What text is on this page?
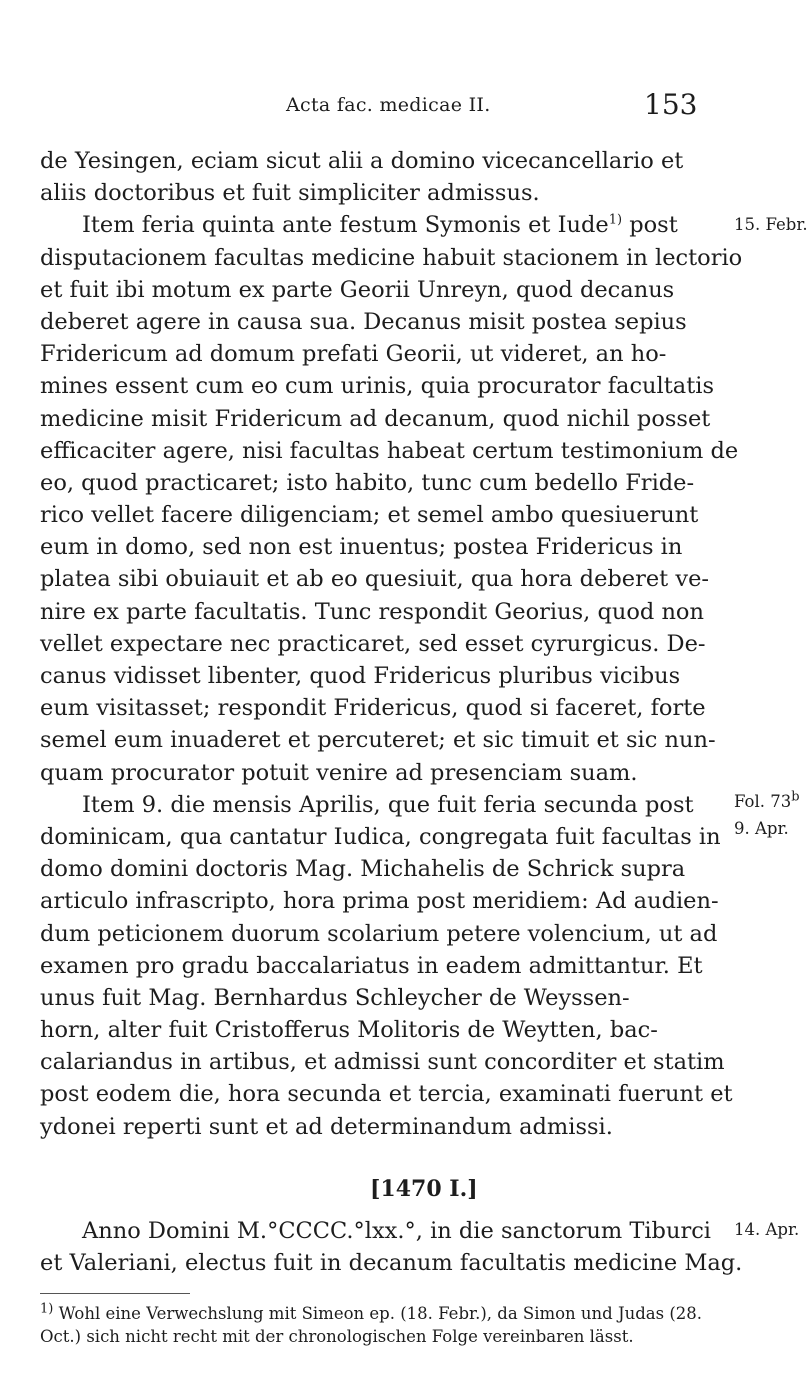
Acta fac. medicae II.	153
de Yesingen, eciam sicut alii a domino vicecancellario et
aliis doctoribus et fuit simpliciter admissus.
Item feria quinta ante festum Symonis et Iude$^{1)}$ post
disputacionem facultas medicine habuit stacionem in lectorio
et fuit ibi motum ex parte Georii Unreyn, quod decanus
deberet agere in causa sua. Decanus misit postea sepius
Fridericum ad domum prefati Georii, ut videret, an ho-
mines essent cum eo cum urinis, quia procurator facultatis
medicine misit Fridericum ad decanum, quod nichil posset
efficaciter agere, nisi facultas habeat certum testimonium de
eo, quod practicaret; isto habito, tunc cum bedello Fride-
rico vellet facere diligenciam; et semel ambo quesiuerunt
eum in domo, sed non est inuentus; postea Fridericus in
platea sibi obuiauit et ab eo quesiuit, qua hora deberet ve-
nire ex parte facultatis. Tunc respondit Georius, quod non
vellet expectare nec practicaret, sed esset cyrurgicus. De-
canus vidisset libenter, quod Fridericus pluribus vicibus
eum visitasset; respondit Fridericus, quod si faceret, forte
semel eum inuaderet et percuteret; et sic timuit et sic nun-
quam procurator potuit venire ad presenciam suam.
Item 9. die mensis Aprilis, que fuit feria secunda post
dominicam, qua cantatur Iudica, congregata fuit facultas in
domo domini doctoris Mag. Michahelis de Schrick supra
articulo infrascripto, hora prima post meridiem: Ad audien-
dum peticionem duorum scolarium petere volencium, ut ad
examen pro gradu baccalariatus in eadem admittantur. Et
unus fuit Mag. Bernhardus Schleycher de Weyssen-
horn, alter fuit Cristofferus Molitoris de Weytten, bac-
calariandus in artibus, et admissi sunt concorditer et statim
post eodem die, hora secunda et tercia, examinati fuerunt et
ydonei reperti sunt et ad determinandum admissi.
15. Febr.
Fol. 73$^b$
9. Apr.
[1470 I.]
Anno Domini M.°CCCC.°lxx.°, in die sanctorum Tiburci
et Valeriani, electus fuit in decanum facultatis medicine Mag.
14. Apr.
$^{1)}$ Wohl eine Verwechslung mit Simeon ep. (18. Febr.), da Simon und Judas (28. Oct.) sich nicht recht mit der chronologischen Folge vereinbaren lässt.
